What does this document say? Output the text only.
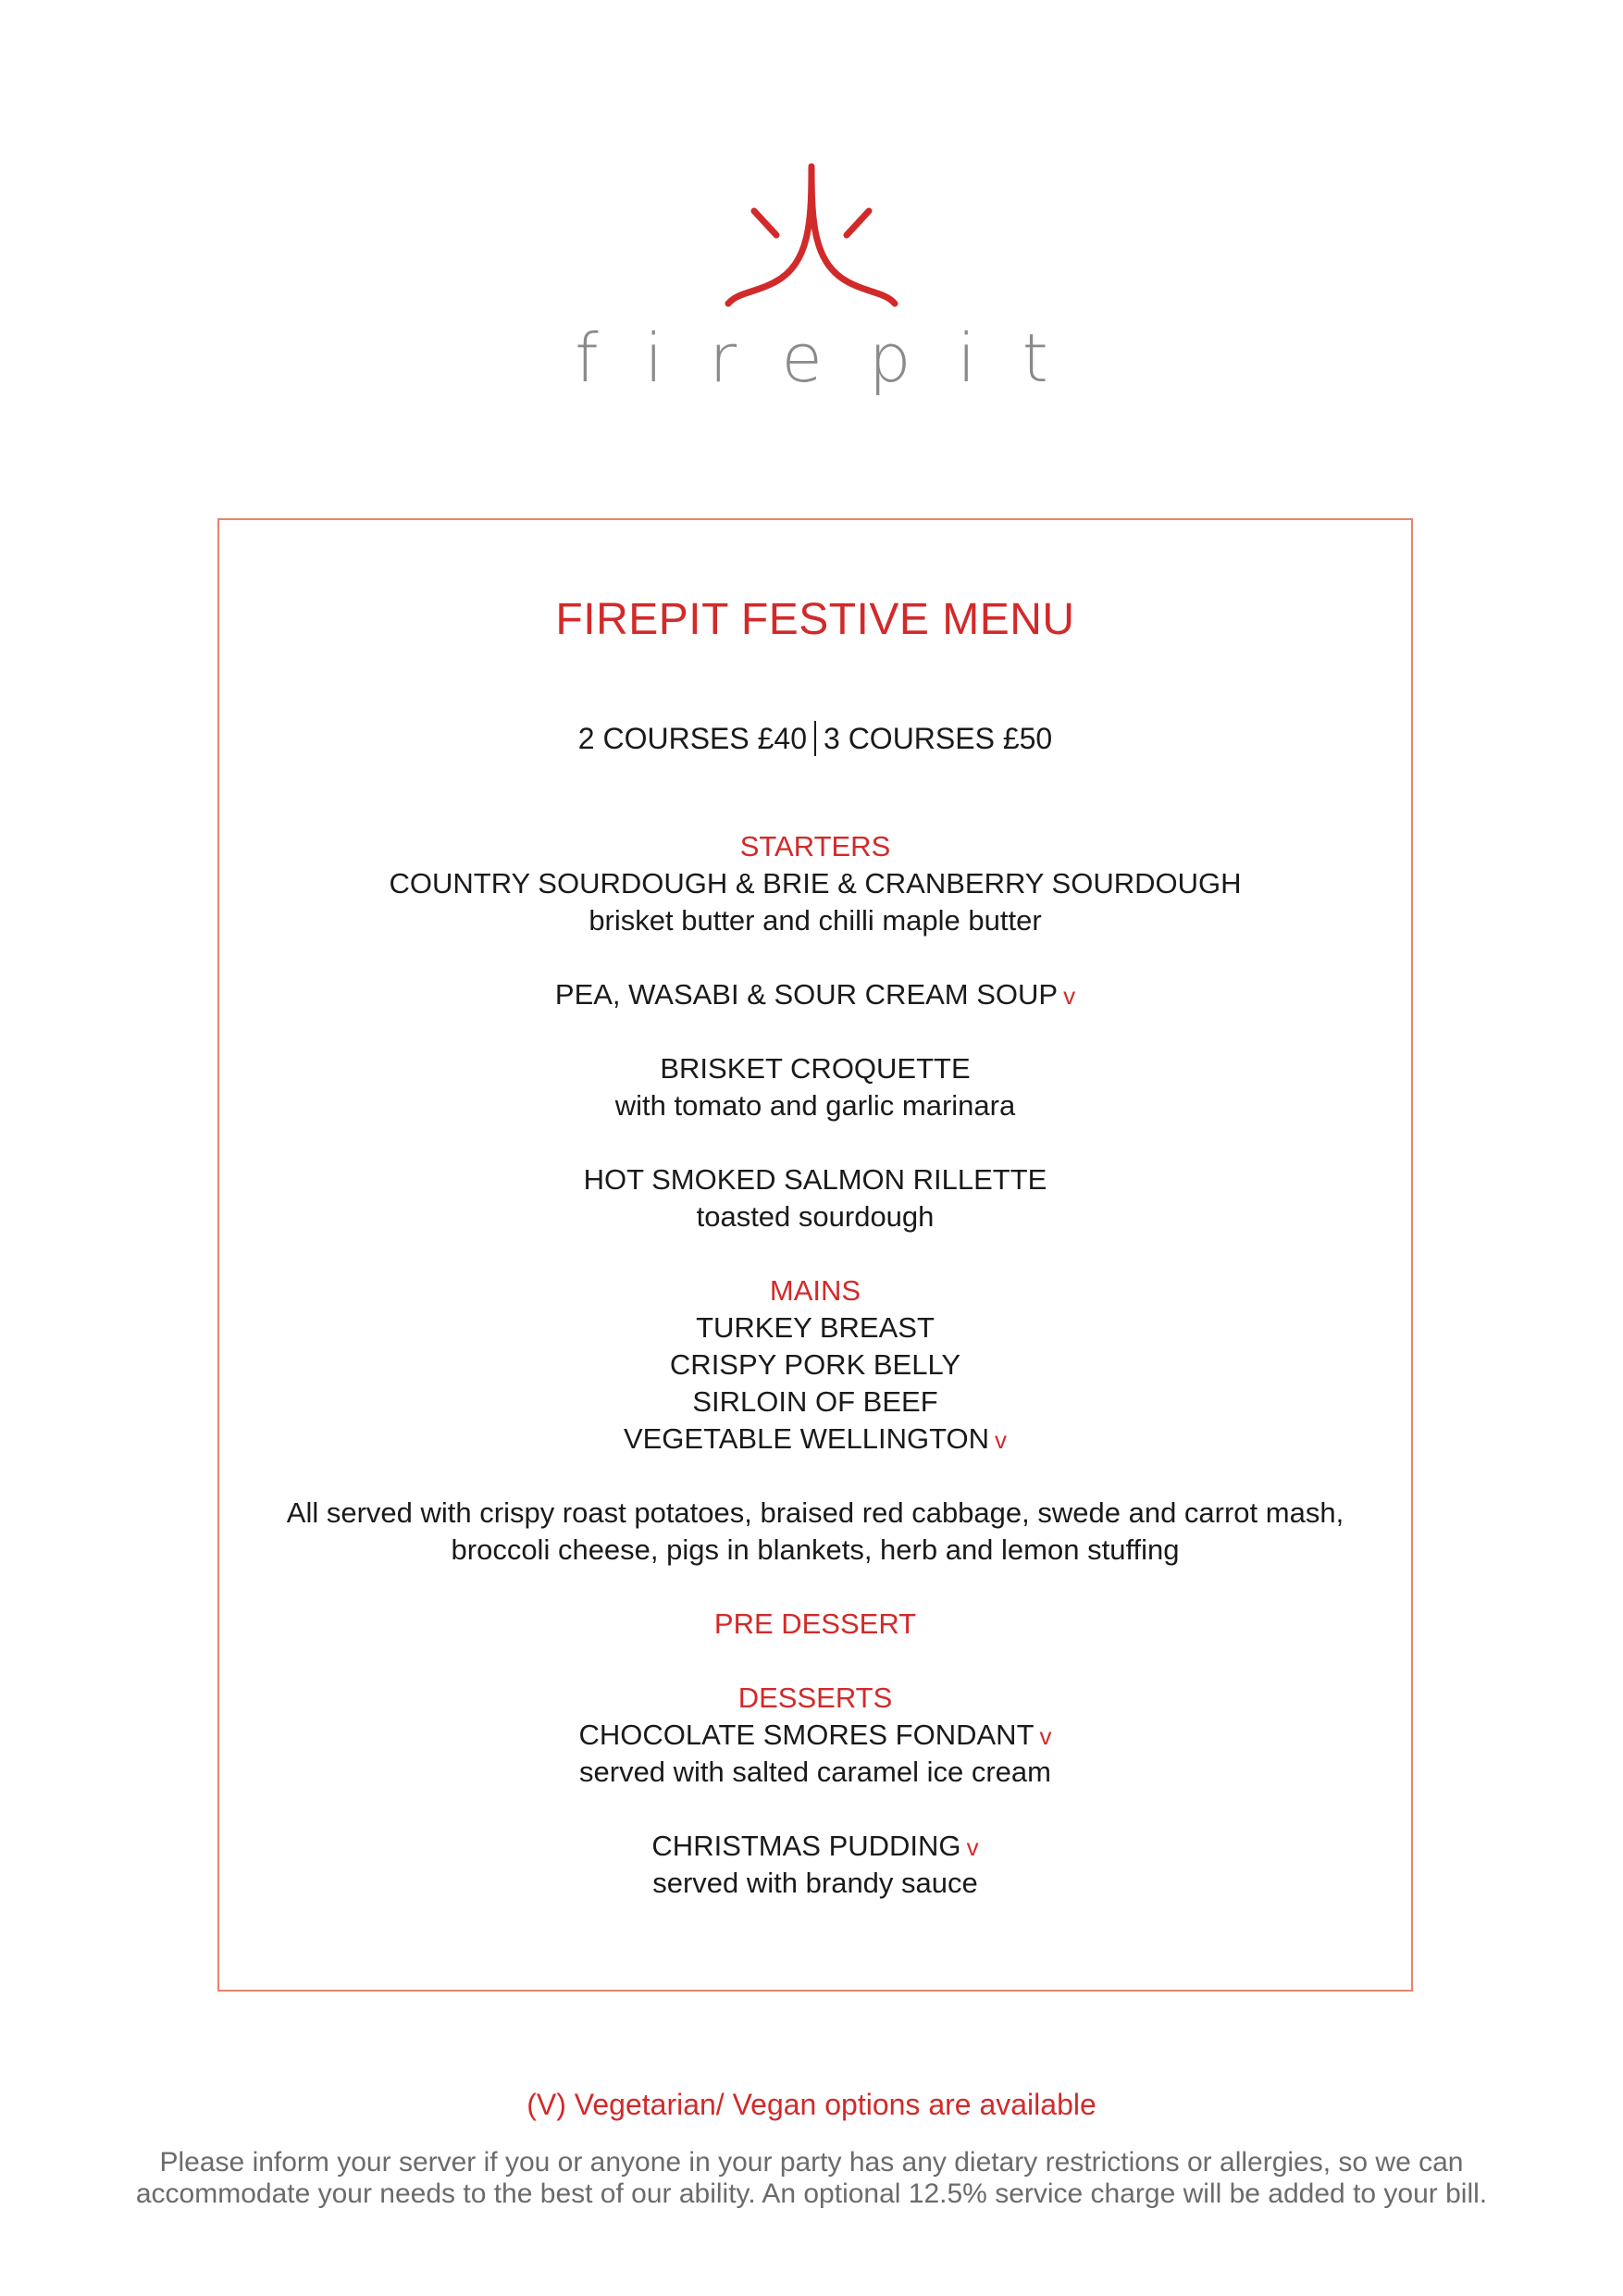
firepit
FIREPIT FESTIVE MENU
2 COURSES £40 3 COURSES £50
STARTERS
COUNTRY SOURDOUGH & BRIE & CRANBERRY SOURDOUGH
brisket butter and chilli maple butter
PEA, WASABI & SOUR CREAM SOUP v
BRISKET CROQUETTE
with tomato and garlic marinara
HOT SMOKED SALMON RILLETTE
toasted sourdough
MAINS
TURKEY BREAST
CRISPY PORK BELLY
SIRLOIN OF BEEF
VEGETABLE WELLINGTON v
All served with crispy roast potatoes, braised red cabbage, swede and carrot mash,
broccoli cheese, pigs in blankets, herb and lemon stuffing
PRE DESSERT
DESSERTS
CHOCOLATE SMORES FONDANT v
served with salted caramel ice cream
CHRISTMAS PUDDING v
served with brandy sauce
(V) Vegetarian/ Vegan options are available
Please inform your server if you or anyone in your party has any dietary restrictions or allergies, so we can
accommodate your needs to the best of our ability. An optional 12.5% service charge will be added to your bill.
